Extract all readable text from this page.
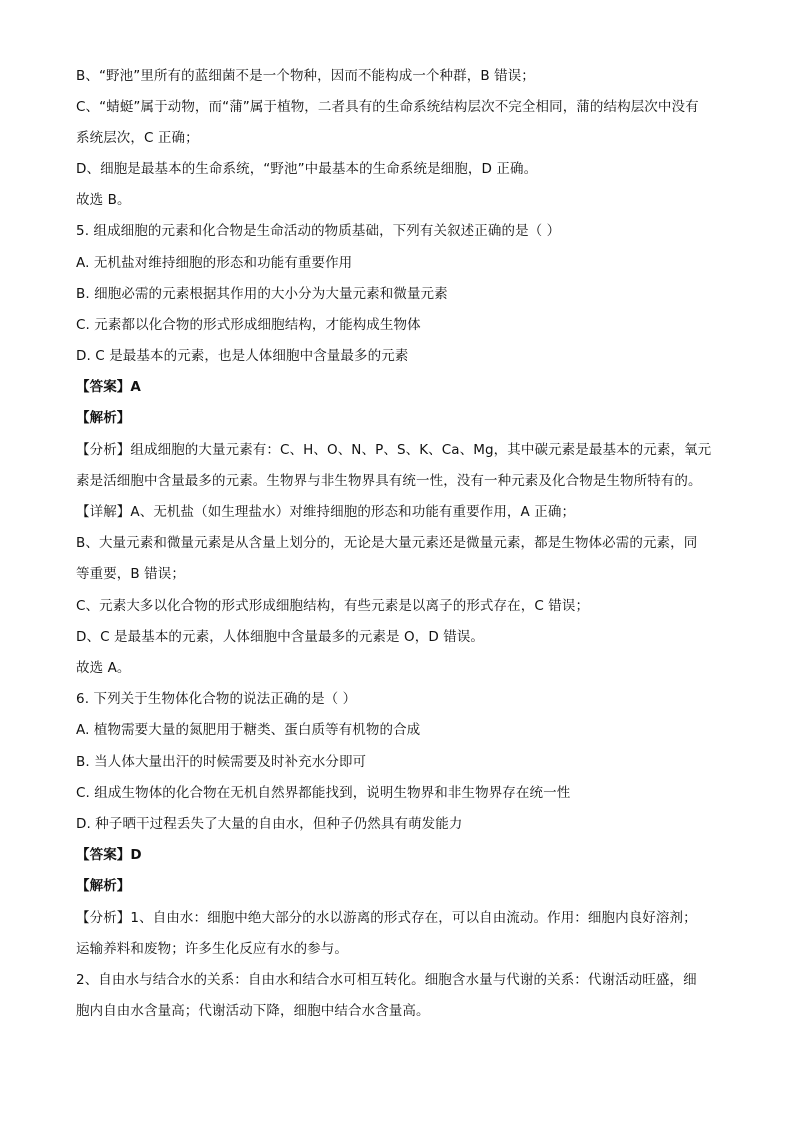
B、“野池”里所有的蓝细菌不是一个物种，因而不能构成一个种群，B 错误；
C、“蜻蜓”属于动物，而“蒲”属于植物，二者具有的生命系统结构层次不完全相同，蒲的结构层次中没有
系统层次，C 正确；
D、细胞是最基本的生命系统，“野池”中最基本的生命系统是细胞，D 正确。
故选 B。
5. 组成细胞的元素和化合物是生命活动的物质基础，下列有关叙述正确的是（ ）
A. 无机盐对维持细胞的形态和功能有重要作用
B. 细胞必需的元素根据其作用的大小分为大量元素和微量元素
C. 元素都以化合物的形式形成细胞结构，才能构成生物体
D. C 是最基本的元素，也是人体细胞中含量最多的元素
【答案】A
【解析】
【分析】组成细胞的大量元素有：C、H、O、N、P、S、K、Ca、Mg，其中碳元素是最基本的元素，氧元
素是活细胞中含量最多的元素。生物界与非生物界具有统一性，没有一种元素及化合物是生物所特有的。
【详解】A、无机盐（如生理盐水）对维持细胞的形态和功能有重要作用，A 正确；
B、大量元素和微量元素是从含量上划分的，无论是大量元素还是微量元素，都是生物体必需的元素，同
等重要，B 错误；
C、元素大多以化合物的形式形成细胞结构，有些元素是以离子的形式存在，C 错误；
D、C 是最基本的元素，人体细胞中含量最多的元素是 O，D 错误。
故选 A。
6. 下列关于生物体化合物的说法正确的是（ ）
A. 植物需要大量的氮肥用于糖类、蛋白质等有机物的合成
B. 当人体大量出汗的时候需要及时补充水分即可
C. 组成生物体的化合物在无机自然界都能找到，说明生物界和非生物界存在统一性
D. 种子晒干过程丢失了大量的自由水，但种子仍然具有萌发能力
【答案】D
【解析】
【分析】1、自由水：细胞中绝大部分的水以游离的形式存在，可以自由流动。作用：细胞内良好溶剂；
运输养料和废物；许多生化反应有水的参与。
2、自由水与结合水的关系：自由水和结合水可相互转化。细胞含水量与代谢的关系：代谢活动旺盛，细
胞内自由水含量高；代谢活动下降，细胞中结合水含量高。
